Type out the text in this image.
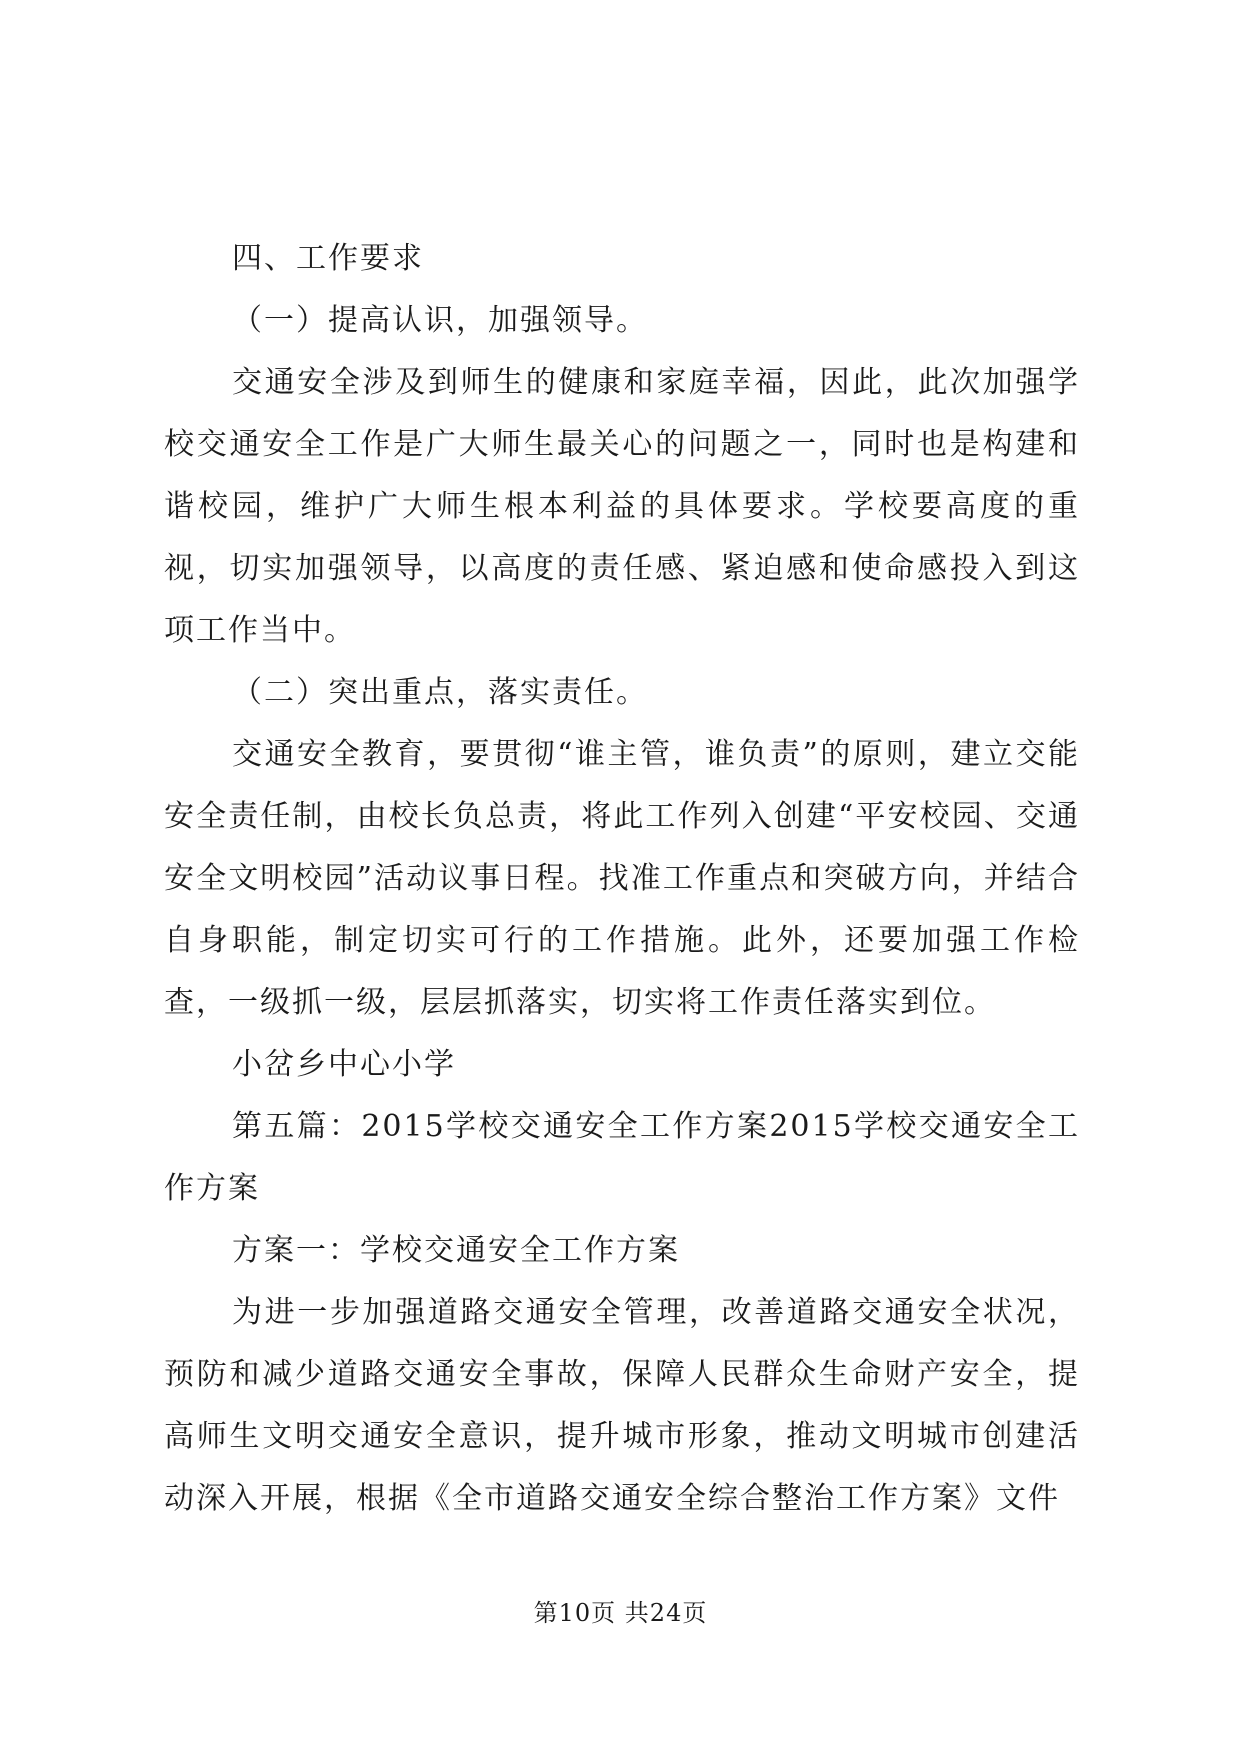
四、工作要求

（一）提高认识，加强领导。

交通安全涉及到师生的健康和家庭幸福，因此，此次加强学校交通安全工作是广大师生最关心的问题之一，同时也是构建和谐校园，维护广大师生根本利益的具体要求。学校要高度的重视，切实加强领导，以高度的责任感、紧迫感和使命感投入到这项工作当中。

（二）突出重点，落实责任。

交通安全教育，要贯彻“谁主管，谁负责”的原则，建立交能安全责任制，由校长负总责，将此工作列入创建“平安校园、交通安全文明校园”活动议事日程。找准工作重点和突破方向，并结合自身职能，制定切实可行的工作措施。此外，还要加强工作检查，一级抓一级，层层抓落实，切实将工作责任落实到位。

小岔乡中心小学

第五篇：2015学校交通安全工作方案2015学校交通安全工作方案

方案一：学校交通安全工作方案

为进一步加强道路交通安全管理，改善道路交通安全状况，预防和减少道路交通安全事故，保障人民群众生命财产安全，提高师生文明交通安全意识，提升城市形象，推动文明城市创建活动深入开展，根据《全市道路交通安全综合整治工作方案》文件

第10页 共24页
